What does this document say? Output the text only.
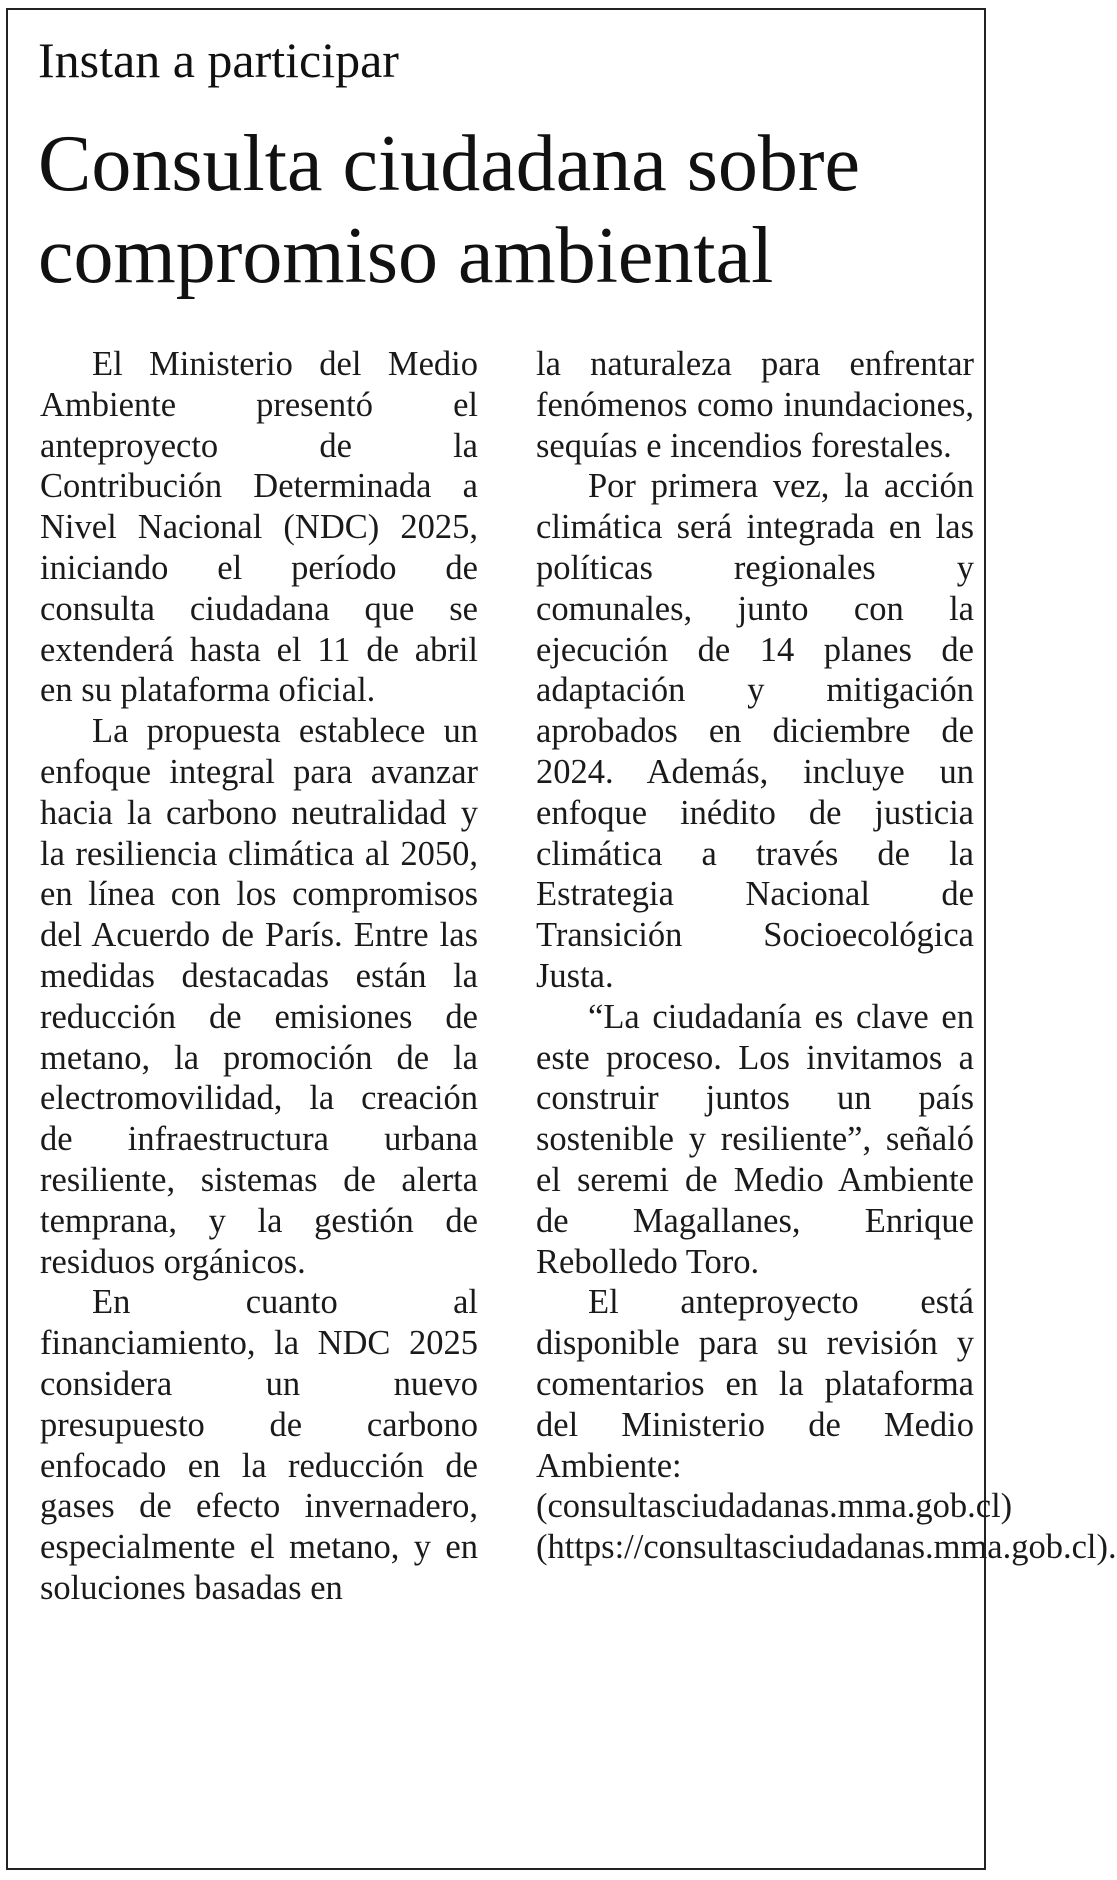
Instan a participar
Consulta ciudadana sobre compromiso ambiental

El Ministerio del Medio Ambiente presentó el anteproyecto de la Contribución Determinada a Nivel Nacional (NDC) 2025, iniciando el período de consulta ciudadana que se extenderá hasta el 11 de abril en su plataforma oficial.

La propuesta establece un enfoque integral para avanzar hacia la carbono neutralidad y la resiliencia climática al 2050, en línea con los compromisos del Acuerdo de París. Entre las medidas destacadas están la reducción de emisiones de metano, la promoción de la electromovilidad, la creación de infraestructura urbana resiliente, sistemas de alerta temprana, y la gestión de residuos orgánicos.

En cuanto al financiamiento, la NDC 2025 considera un nuevo presupuesto de carbono enfocado en la reducción de gases de efecto invernadero, especialmente el metano, y en soluciones basadas en

la naturaleza para enfrentar fenómenos como inundaciones, sequías e incendios forestales.

Por primera vez, la acción climática será integrada en las políticas regionales y comunales, junto con la ejecución de 14 planes de adaptación y mitigación aprobados en diciembre de 2024. Además, incluye un enfoque inédito de justicia climática a través de la Estrategia Nacional de Transición Socioecológica Justa.

“La ciudadanía es clave en este proceso. Los invitamos a construir juntos un país sostenible y resiliente”, señaló el seremi de Medio Ambiente de Magallanes, Enrique Rebolledo Toro.

El anteproyecto está disponible para su revisión y comentarios en la plataforma del Ministerio de Medio Ambiente: (consultasciudadanas.mma.gob.cl)(https://consultasciudadanas.mma.gob.cl).
